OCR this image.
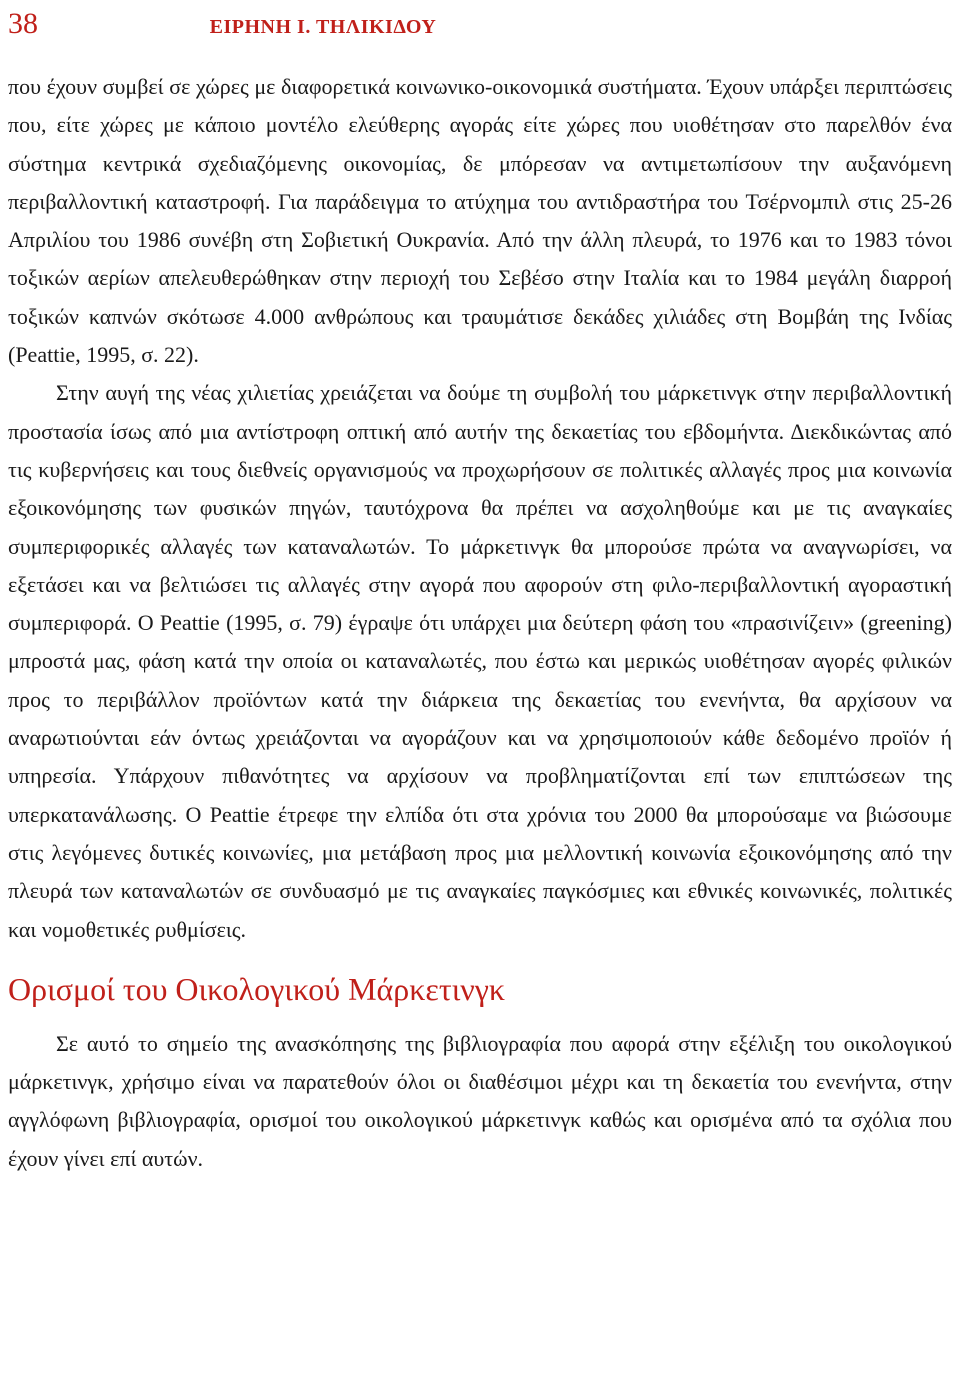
38	ΕΙΡΗΝΗ Ι. ΤΗΛΙΚΙΔΟΥ

που έχουν συμβεί σε χώρες με διαφορετικά κοινωνικο-οικονομικά συστήματα. Έχουν υπάρξει περιπτώσεις που, είτε χώρες με κάποιο μοντέλο ελεύθερης αγοράς είτε χώρες που υιοθέτησαν στο παρελθόν ένα σύστημα κεντρικά σχεδιαζόμενης οικονομίας, δε μπόρεσαν να αντιμετωπίσουν την αυξανόμενη περιβαλλοντική καταστροφή. Για παράδειγμα το ατύχημα του αντιδραστήρα του Τσέρνομπιλ στις 25-26 Απριλίου του 1986 συνέβη στη Σοβιετική Ουκρανία. Από την άλλη πλευρά, το 1976 και το 1983 τόνοι τοξικών αερίων απελευθερώθηκαν στην περιοχή του Σεβέσο στην Ιταλία και το 1984 μεγάλη διαρροή τοξικών καπνών σκότωσε 4.000 ανθρώπους και τραυμάτισε δεκάδες χιλιάδες στη Βομβάη της Ινδίας (Peattie, 1995, σ. 22).

Στην αυγή της νέας χιλιετίας χρειάζεται να δούμε τη συμβολή του μάρκετινγκ στην περιβαλλοντική προστασία ίσως από μια αντίστροφη οπτική από αυτήν της δεκαετίας του εβδομήντα. Διεκδικώντας από τις κυβερνήσεις και τους διεθνείς οργανισμούς να προχωρήσουν σε πολιτικές αλλαγές προς μια κοινωνία εξοικονόμησης των φυσικών πηγών, ταυτόχρονα θα πρέπει να ασχοληθούμε και με τις αναγκαίες συμπεριφορικές αλλαγές των καταναλωτών. Το μάρκετινγκ θα μπορούσε πρώτα να αναγνωρίσει, να εξετάσει και να βελτιώσει τις αλλαγές στην αγορά που αφορούν στη φιλο-περιβαλλοντική αγοραστική συμπεριφορά. Ο Peattie (1995, σ. 79) έγραψε ότι υπάρχει μια δεύτερη φάση του «πρασινίζειν» (greening) μπροστά μας, φάση κατά την οποία οι καταναλωτές, που έστω και μερικώς υιοθέτησαν αγορές φιλικών προς το περιβάλλον προϊόντων κατά την διάρκεια της δεκαετίας του ενενήντα, θα αρχίσουν να αναρωτιούνται εάν όντως χρειάζονται να αγοράζουν και να χρησιμοποιούν κάθε δεδομένο προϊόν ή υπηρεσία. Υπάρχουν πιθανότητες να αρχίσουν να προβληματίζονται επί των επιπτώσεων της υπερκατανάλωσης. Ο Peattie έτρεφε την ελπίδα ότι στα χρόνια του 2000 θα μπορούσαμε να βιώσουμε στις λεγόμενες δυτικές κοινωνίες, μια μετάβαση προς μια μελλοντική κοινωνία εξοικονόμησης από την πλευρά των καταναλωτών σε συνδυασμό με τις αναγκαίες παγκόσμιες και εθνικές κοινωνικές, πολιτικές και νομοθετικές ρυθμίσεις.

Ορισμοί του Οικολογικού Μάρκετινγκ

Σε αυτό το σημείο της ανασκόπησης της βιβλιογραφία που αφορά στην εξέλιξη του οικολογικού μάρκετινγκ, χρήσιμο είναι να παρατεθούν όλοι οι διαθέσιμοι μέχρι και τη δεκαετία του ενενήντα, στην αγγλόφωνη βιβλιογραφία, ορισμοί του οικολογικού μάρκετινγκ καθώς και ορισμένα από τα σχόλια που έχουν γίνει επί αυτών.
